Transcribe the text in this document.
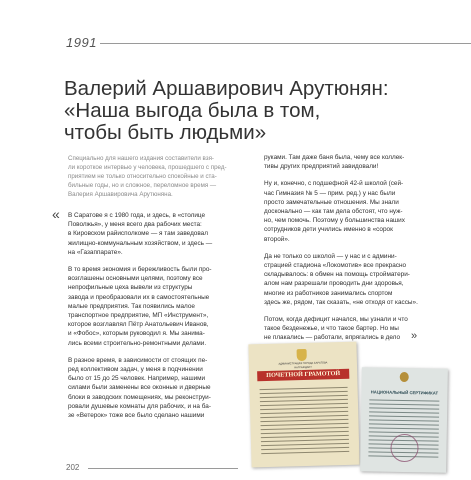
1991
Валерий Аршавирович Арутюнян:
«Наша выгода была в том,
чтобы быть людьми»
Специально для нашего издания составители взя-
ли короткое интервью у человека, прошедшего с пред-
приятием не только относительно спокойные и ста-
бильные годы, но и сложное, переломное время —
Валерия Аршавировича Арутюняна.
« В Саратове я с 1980 года, и здесь, в «столице
Поволжья», у меня всего два рабочих места:
в Кировском райисполкоме — я там заведовал
жилищно-коммунальным хозяйством, и здесь —
на «Газаппарате».

В то время экономия и бережливость были про-
возглашены основными целями, поэтому все
непрофильные цеха вывели из структуры
завода и преобразовали их в самостоятельные
малые предприятия. Так появились малое
транспортное предприятие, МП «Инструмент»,
которое возглавлял Пётр Анатольевич Иванов,
и «Фобос», которым руководил я. Мы занима-
лись всеми строительно-ремонтными делами.

В разное время, в зависимости от стоящих пе-
ред коллективом задач, у меня в подчинении
было от 15 до 25 человек. Например, нашими
силами были заменены все оконные и дверные
блоки в заводских помещениях, мы реконструи-
ровали душевые комнаты для рабочих, и на ба-
зе «Ветерок» тоже все было сделано нашими

руками. Там даже баня была, чему все коллек-
тивы других предприятий завидовали!

Ну и, конечно, с подшефной 42-й школой (сей-
час Гимназия № 5 — прим. ред.) у нас были
просто замечательные отношения. Мы знали
досконально — как там дела обстоят, что нуж-
но, чем помочь. Поэтому у большинства наших
сотрудников дети учились именно в «сорок
второй».

Да не только со школой — у нас и с админи-
страцией стадиона «Локомотив» все прекрасно
складывалось: в обмен на помощь стройматери-
алом нам разрешали проводить дни здоровья,
многие из работников занимались спортом
здесь же, рядом, так сказать, «не отходя от кассы».

Потом, когда дефицит начался, мы узнали и что
такое безденежье, и что такое бартер. Но мы
не плакались — работали, впрягались в дело »
АДМИНИСТРАЦИЯ ГОРОДА САРАТОВА
НАГРАЖДАЕТ
ПОЧЕТНОЙ ГРАМОТОЙ
НАЦИОНАЛЬНЫЙ СЕРТИФИКАТ
202
